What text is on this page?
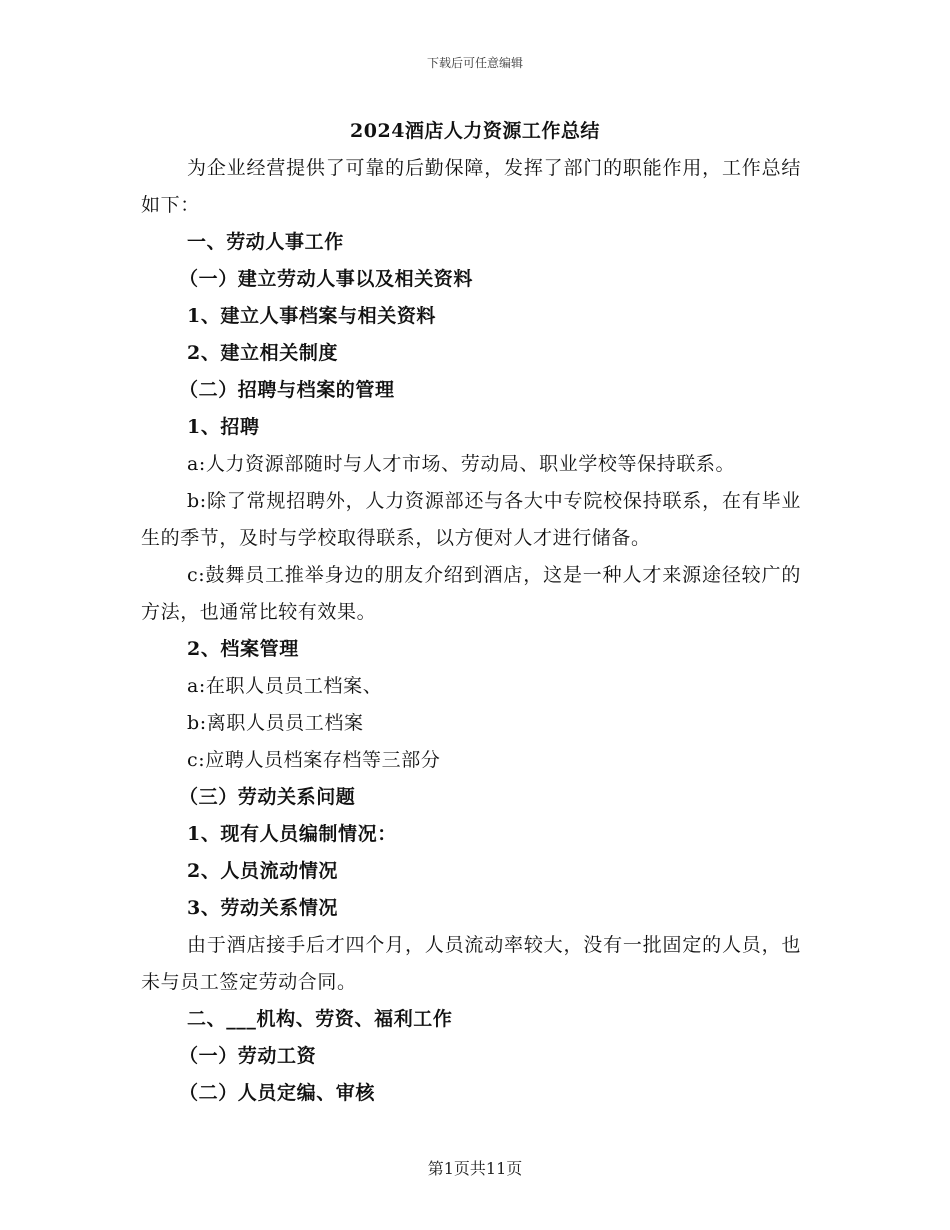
下载后可任意编辑
2024酒店人力资源工作总结

为企业经营提供了可靠的后勤保障，发挥了部门的职能作用，工作总结如下：

一、劳动人事工作

（一）建立劳动人事以及相关资料

1、建立人事档案与相关资料

2、建立相关制度

（二）招聘与档案的管理

1、招聘

a:人力资源部随时与人才市场、劳动局、职业学校等保持联系。

b:除了常规招聘外，人力资源部还与各大中专院校保持联系，在有毕业生的季节，及时与学校取得联系，以方便对人才进行储备。

c:鼓舞员工推举身边的朋友介绍到酒店，这是一种人才来源途径较广的方法，也通常比较有效果。

2、档案管理

a:在职人员员工档案、

b:离职人员员工档案

c:应聘人员档案存档等三部分

（三）劳动关系问题

1、现有人员编制情况：

2、人员流动情况

3、劳动关系情况

由于酒店接手后才四个月，人员流动率较大，没有一批固定的人员，也未与员工签定劳动合同。

二、___机构、劳资、福利工作

（一）劳动工资

（二）人员定编、审核

第1页共11页
